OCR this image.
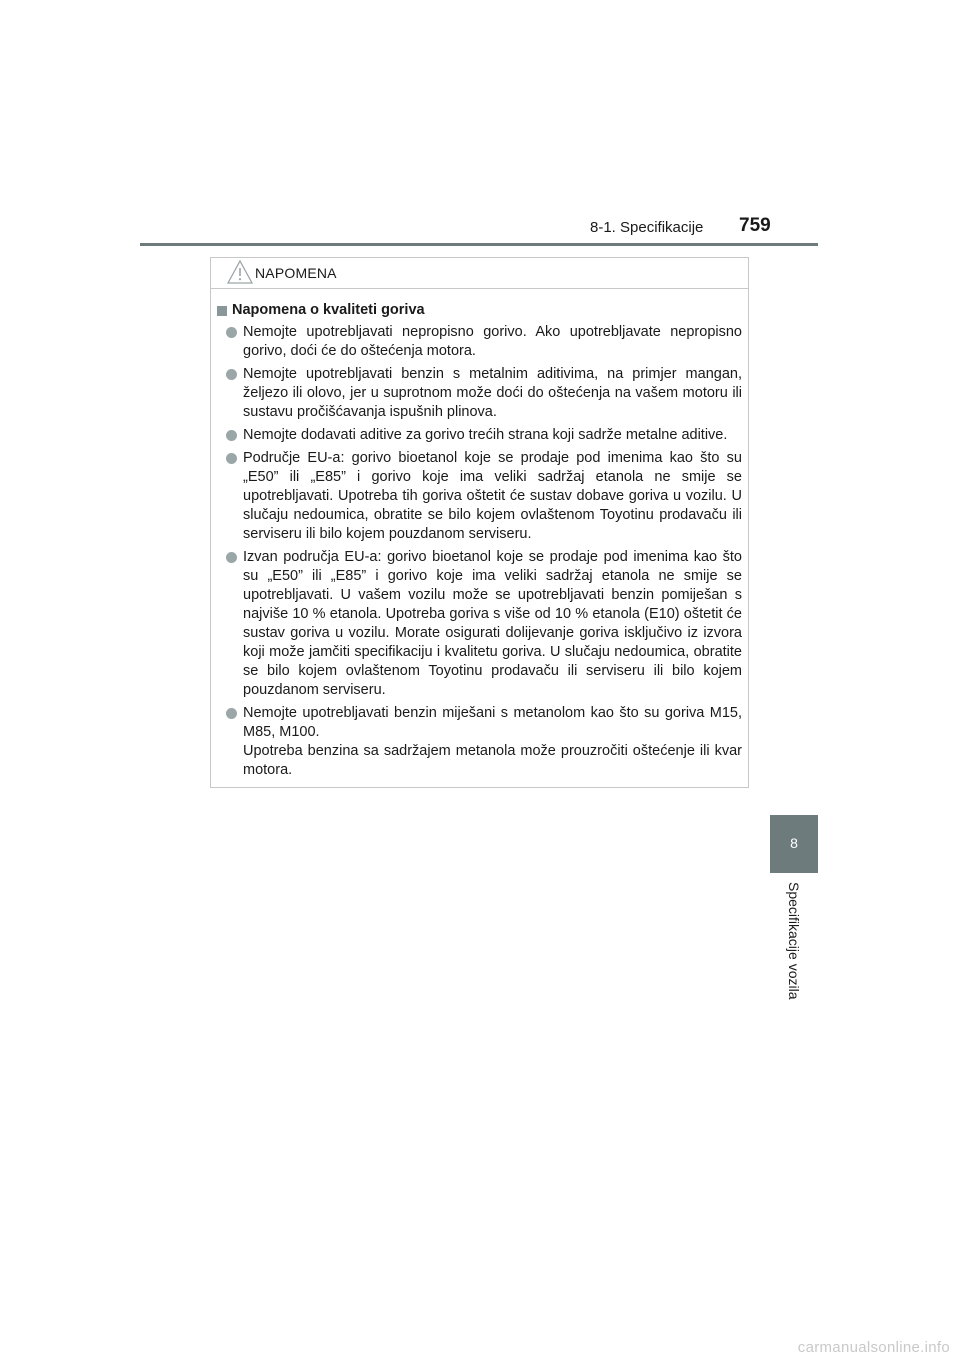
8-1. Specifikacije 759
NAPOMENA
Napomena o kvaliteti goriva
Nemojte upotrebljavati nepropisno gorivo. Ako upotrebljavate nepropisno gorivo, doći će do oštećenja motora.
Nemojte upotrebljavati benzin s metalnim aditivima, na primjer mangan, željezo ili olovo, jer u suprotnom može doći do oštećenja na vašem motoru ili sustavu pročišćavanja ispušnih plinova.
Nemojte dodavati aditive za gorivo trećih strana koji sadrže metalne aditive.
Područje EU-a: gorivo bioetanol koje se prodaje pod imenima kao što su „E50” ili „E85” i gorivo koje ima veliki sadržaj etanola ne smije se upotrebljavati. Upotreba tih goriva oštetit će sustav dobave goriva u vozilu. U slučaju nedoumica, obratite se bilo kojem ovlaštenom Toyotinu prodavaču ili serviseru ili bilo kojem pouzdanom serviseru.
Izvan područja EU-a: gorivo bioetanol koje se prodaje pod imenima kao što su „E50” ili „E85” i gorivo koje ima veliki sadržaj etanola ne smije se upotrebljavati. U vašem vozilu može se upotrebljavati benzin pomiješan s najviše 10 % etanola. Upotreba goriva s više od 10 % etanola (E10) oštetit će sustav goriva u vozilu. Morate osigurati dolijevanje goriva isključivo iz izvora koji može jamčiti specifikaciju i kvalitetu goriva. U slučaju nedoumica, obratite se bilo kojem ovlaštenom Toyotinu prodavaču ili serviseru ili bilo kojem pouzdanom serviseru.
Nemojte upotrebljavati benzin miješani s metanolom kao što su goriva M15, M85, M100.
Upotreba benzina sa sadržajem metanola može prouzročiti oštećenje ili kvar motora.
8
Specifikacije vozila
carmanualsonline.info
